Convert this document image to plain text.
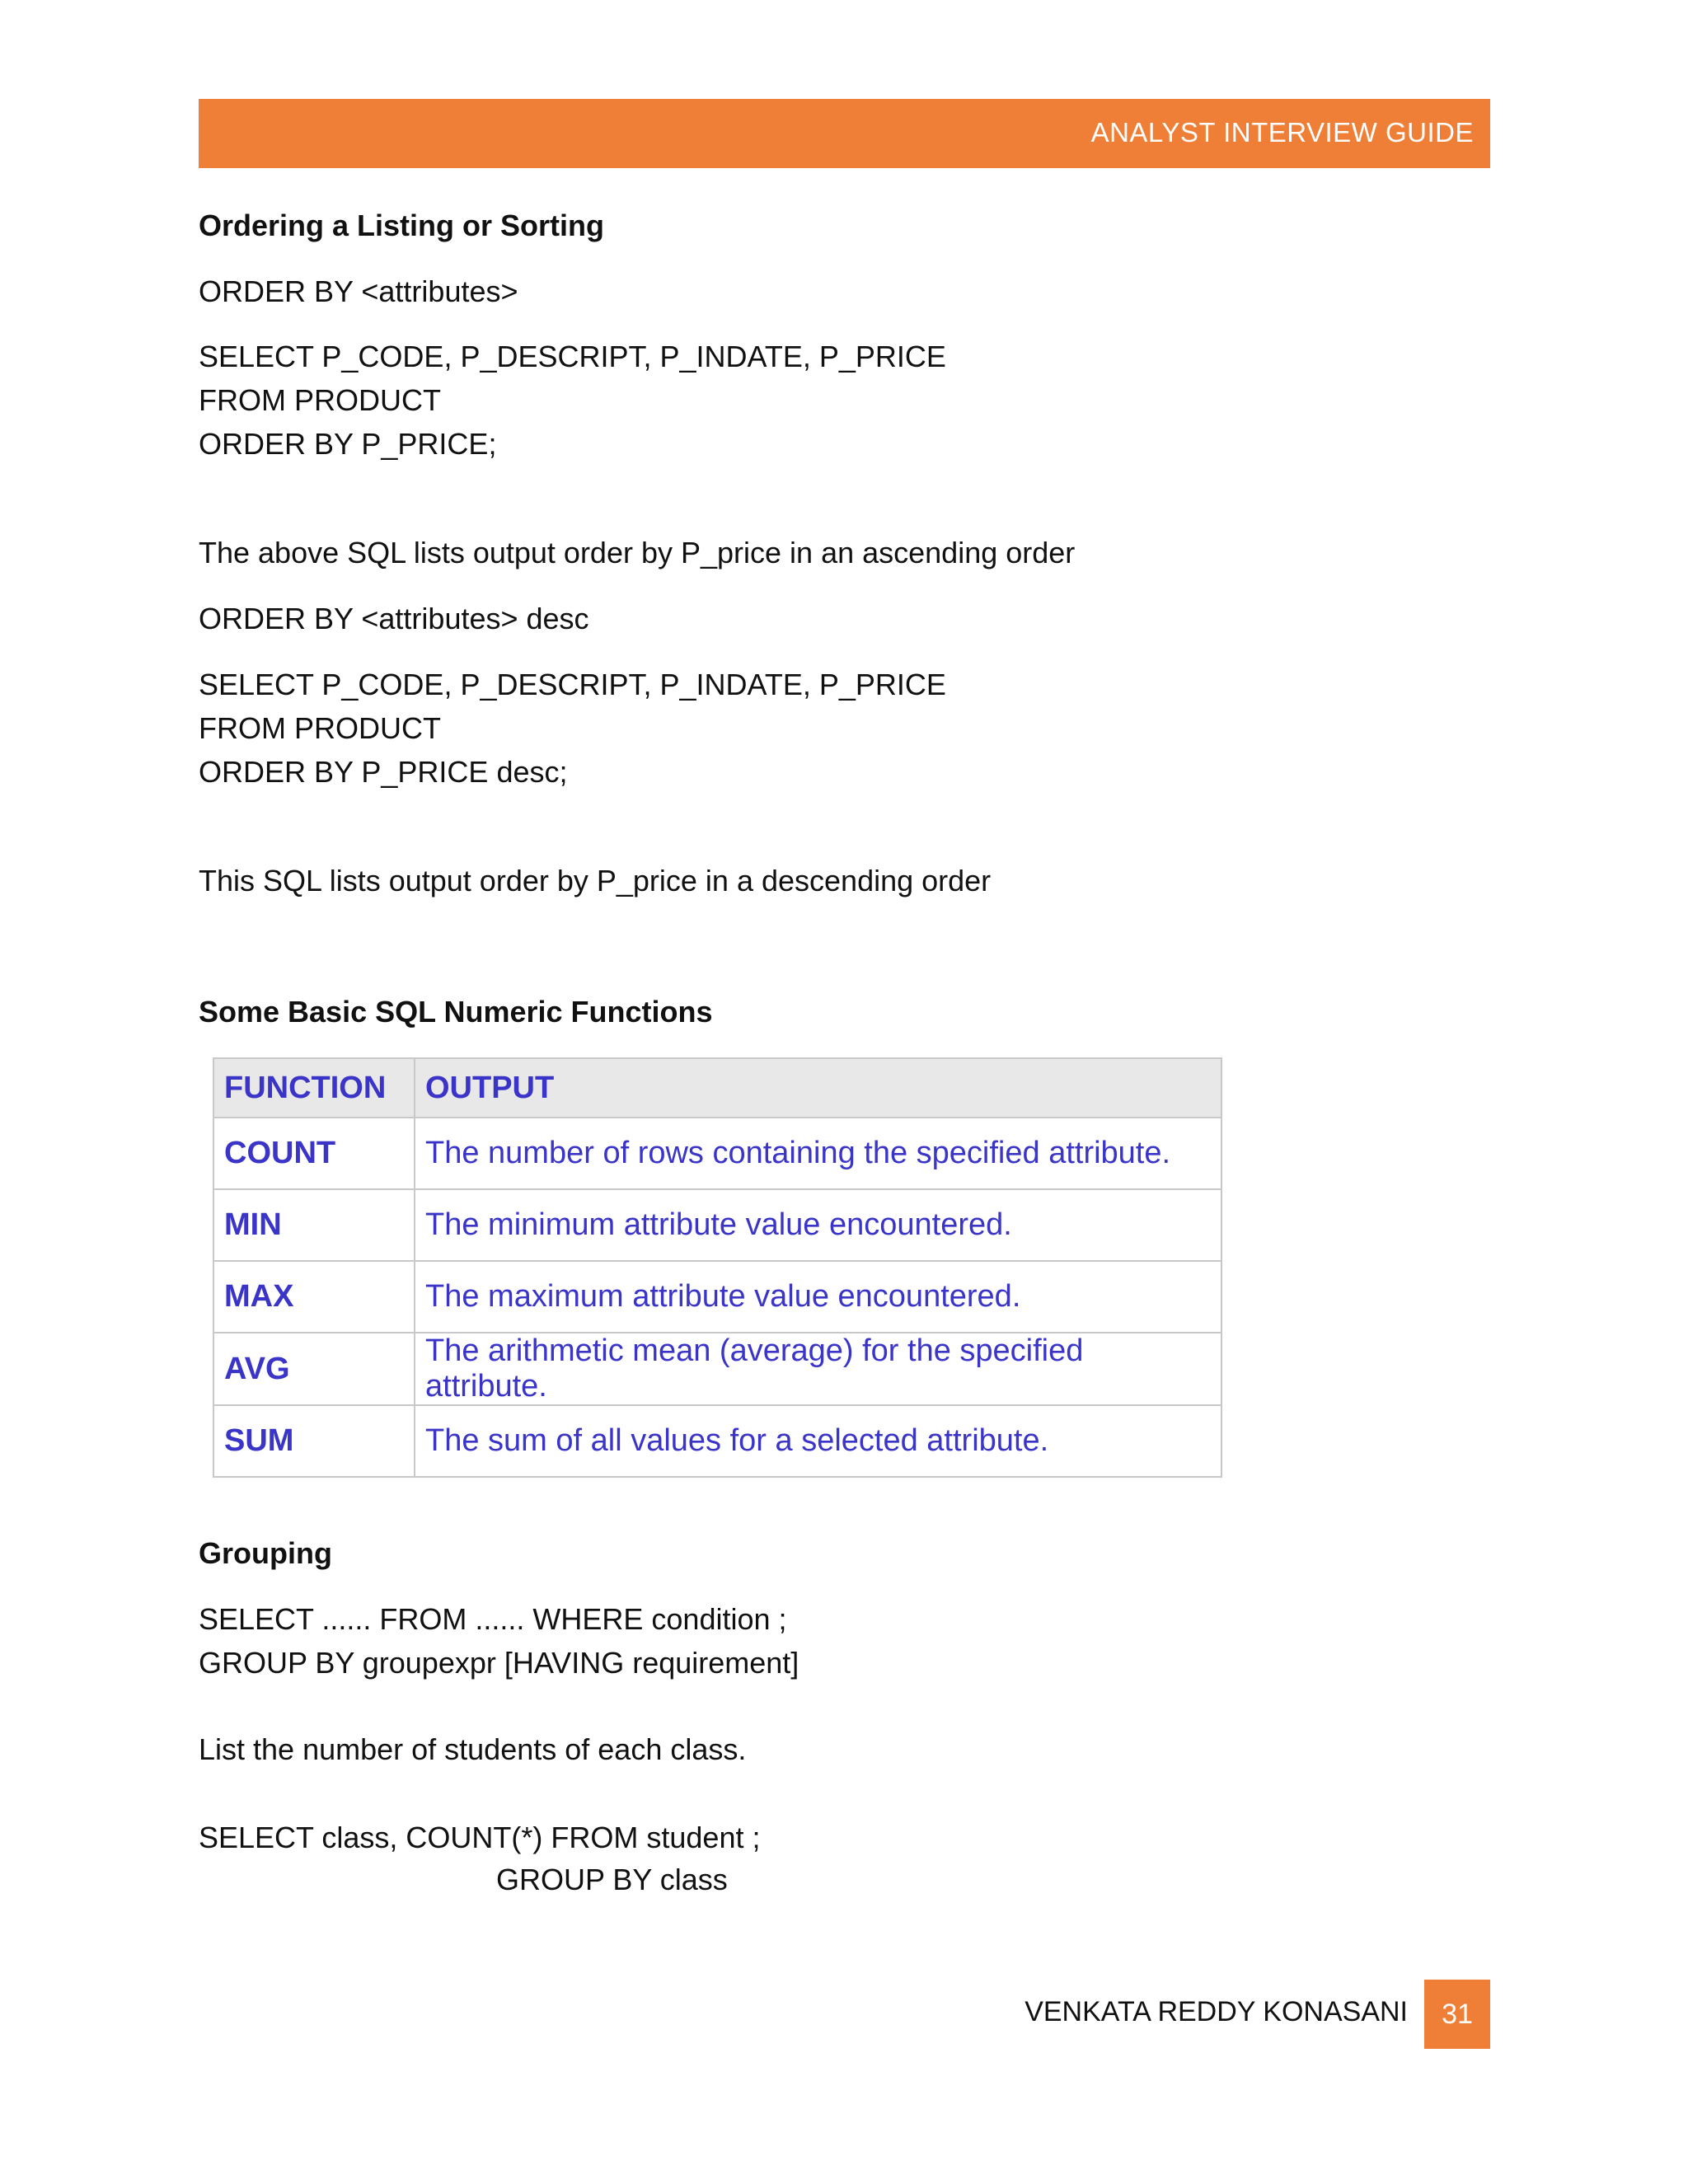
ANALYST INTERVIEW GUIDE
Ordering a Listing or Sorting
ORDER BY <attributes>
SELECT P_CODE, P_DESCRIPT, P_INDATE, P_PRICE
FROM PRODUCT
ORDER BY P_PRICE;
The above SQL lists output order by P_price in an ascending order
ORDER BY <attributes> desc
SELECT P_CODE, P_DESCRIPT, P_INDATE, P_PRICE
FROM PRODUCT
ORDER BY P_PRICE desc;
This SQL lists output order by P_price in a descending order
Some Basic SQL Numeric Functions
Grouping
SELECT ...... FROM ...... WHERE condition ;
GROUP BY groupexpr [HAVING requirement]
List the number of students of each class.
SELECT class, COUNT(*) FROM student ;
GROUP BY class
FUNCTION	OUTPUT
COUNT	The number of rows containing the specified attribute.
MIN	The minimum attribute value encountered.
MAX	The maximum attribute value encountered.
AVG	The arithmetic mean (average) for the specified attribute.
SUM	The sum of all values for a selected attribute.
VENKATA REDDY KONASANI	31
